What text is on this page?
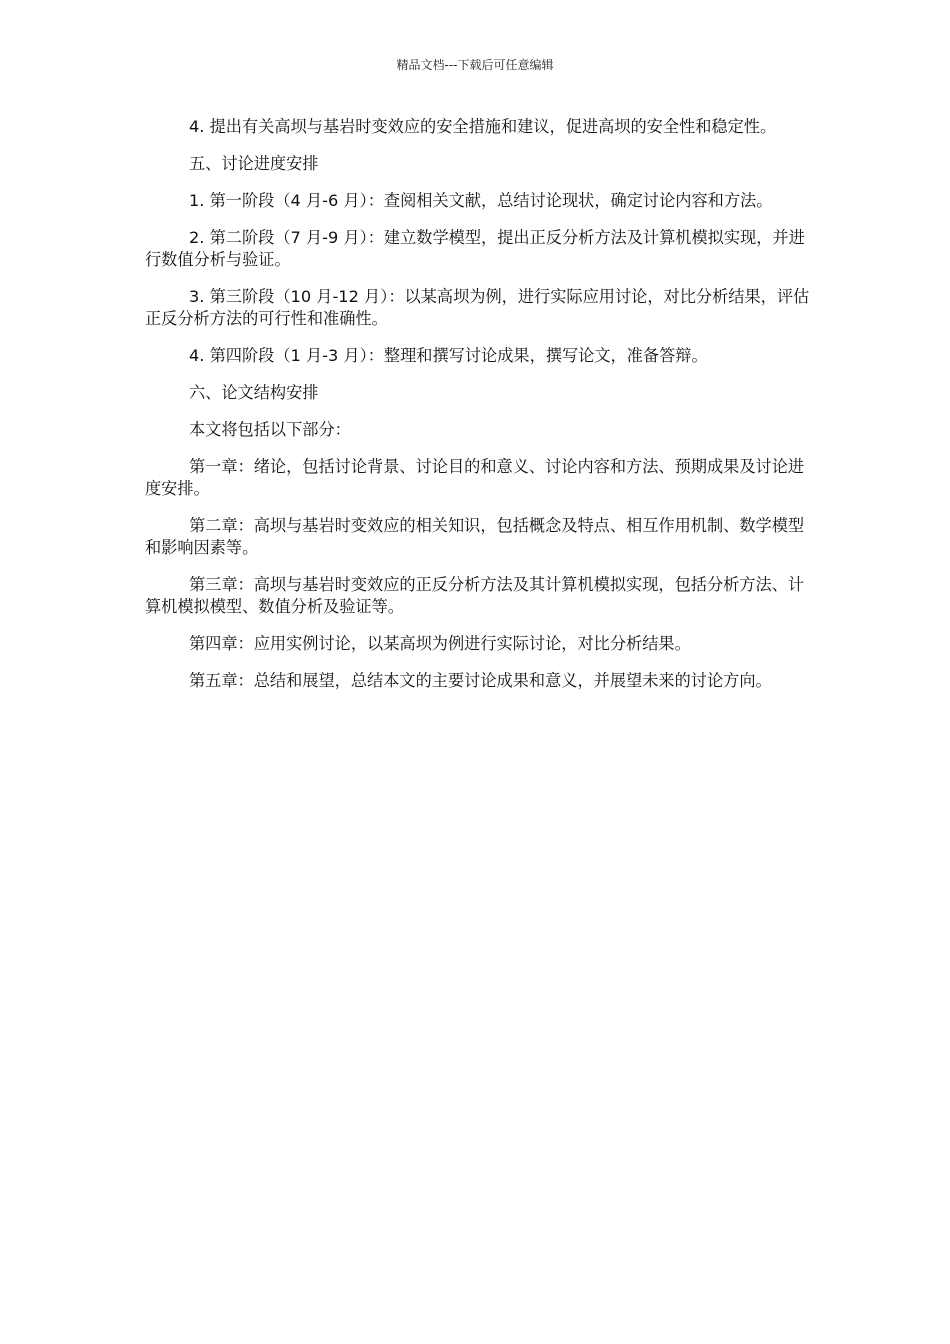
精品文档---下载后可任意编辑

4. 提出有关高坝与基岩时变效应的安全措施和建议，促进高坝的安全性和稳定性。

五、讨论进度安排

1. 第一阶段（4 月-6 月）：查阅相关文献，总结讨论现状，确定讨论内容和方法。

2. 第二阶段（7 月-9 月）：建立数学模型，提出正反分析方法及计算机模拟实现，并进行数值分析与验证。

3. 第三阶段（10 月-12 月）：以某高坝为例，进行实际应用讨论，对比分析结果，评估正反分析方法的可行性和准确性。

4. 第四阶段（1 月-3 月）：整理和撰写讨论成果，撰写论文，准备答辩。

六、论文结构安排

本文将包括以下部分：

第一章：绪论，包括讨论背景、讨论目的和意义、讨论内容和方法、预期成果及讨论进度安排。

第二章：高坝与基岩时变效应的相关知识，包括概念及特点、相互作用机制、数学模型和影响因素等。

第三章：高坝与基岩时变效应的正反分析方法及其计算机模拟实现，包括分析方法、计算机模拟模型、数值分析及验证等。

第四章：应用实例讨论，以某高坝为例进行实际讨论，对比分析结果。

第五章：总结和展望，总结本文的主要讨论成果和意义，并展望未来的讨论方向。
